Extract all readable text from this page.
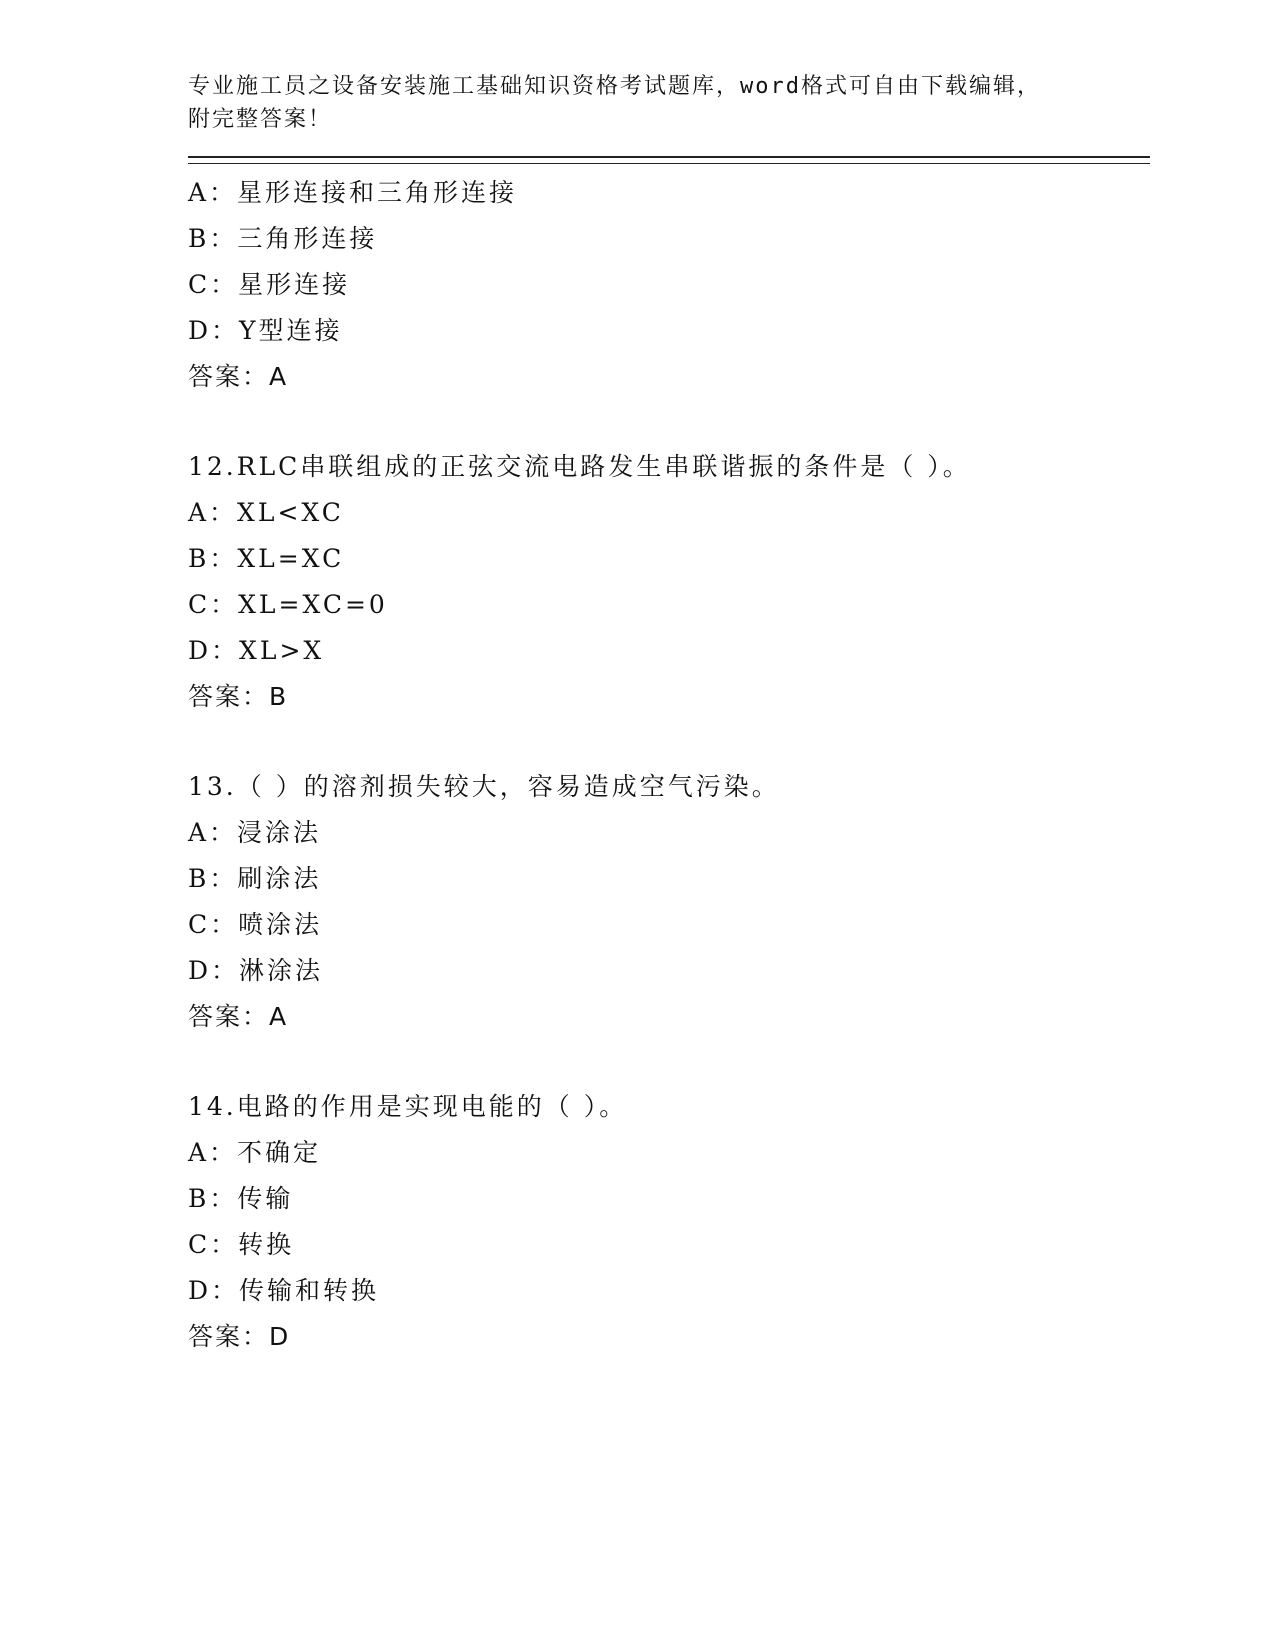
专业施工员之设备安装施工基础知识资格考试题库，word格式可自由下载编辑，
附完整答案！
A：星形连接和三角形连接
B：三角形连接
C：星形连接
D：Y型连接
答案：A
12.RLC串联组成的正弦交流电路发生串联谐振的条件是（ ）。
A：XL<XC
B：XL=XC
C：XL=XC=0
D：XL>X
答案：B
13.（ ）的溶剂损失较大，容易造成空气污染。
A：浸涂法
B：刷涂法
C：喷涂法
D：淋涂法
答案：A
14.电路的作用是实现电能的（ ）。
A：不确定
B：传输
C：转换
D：传输和转换
答案：D
